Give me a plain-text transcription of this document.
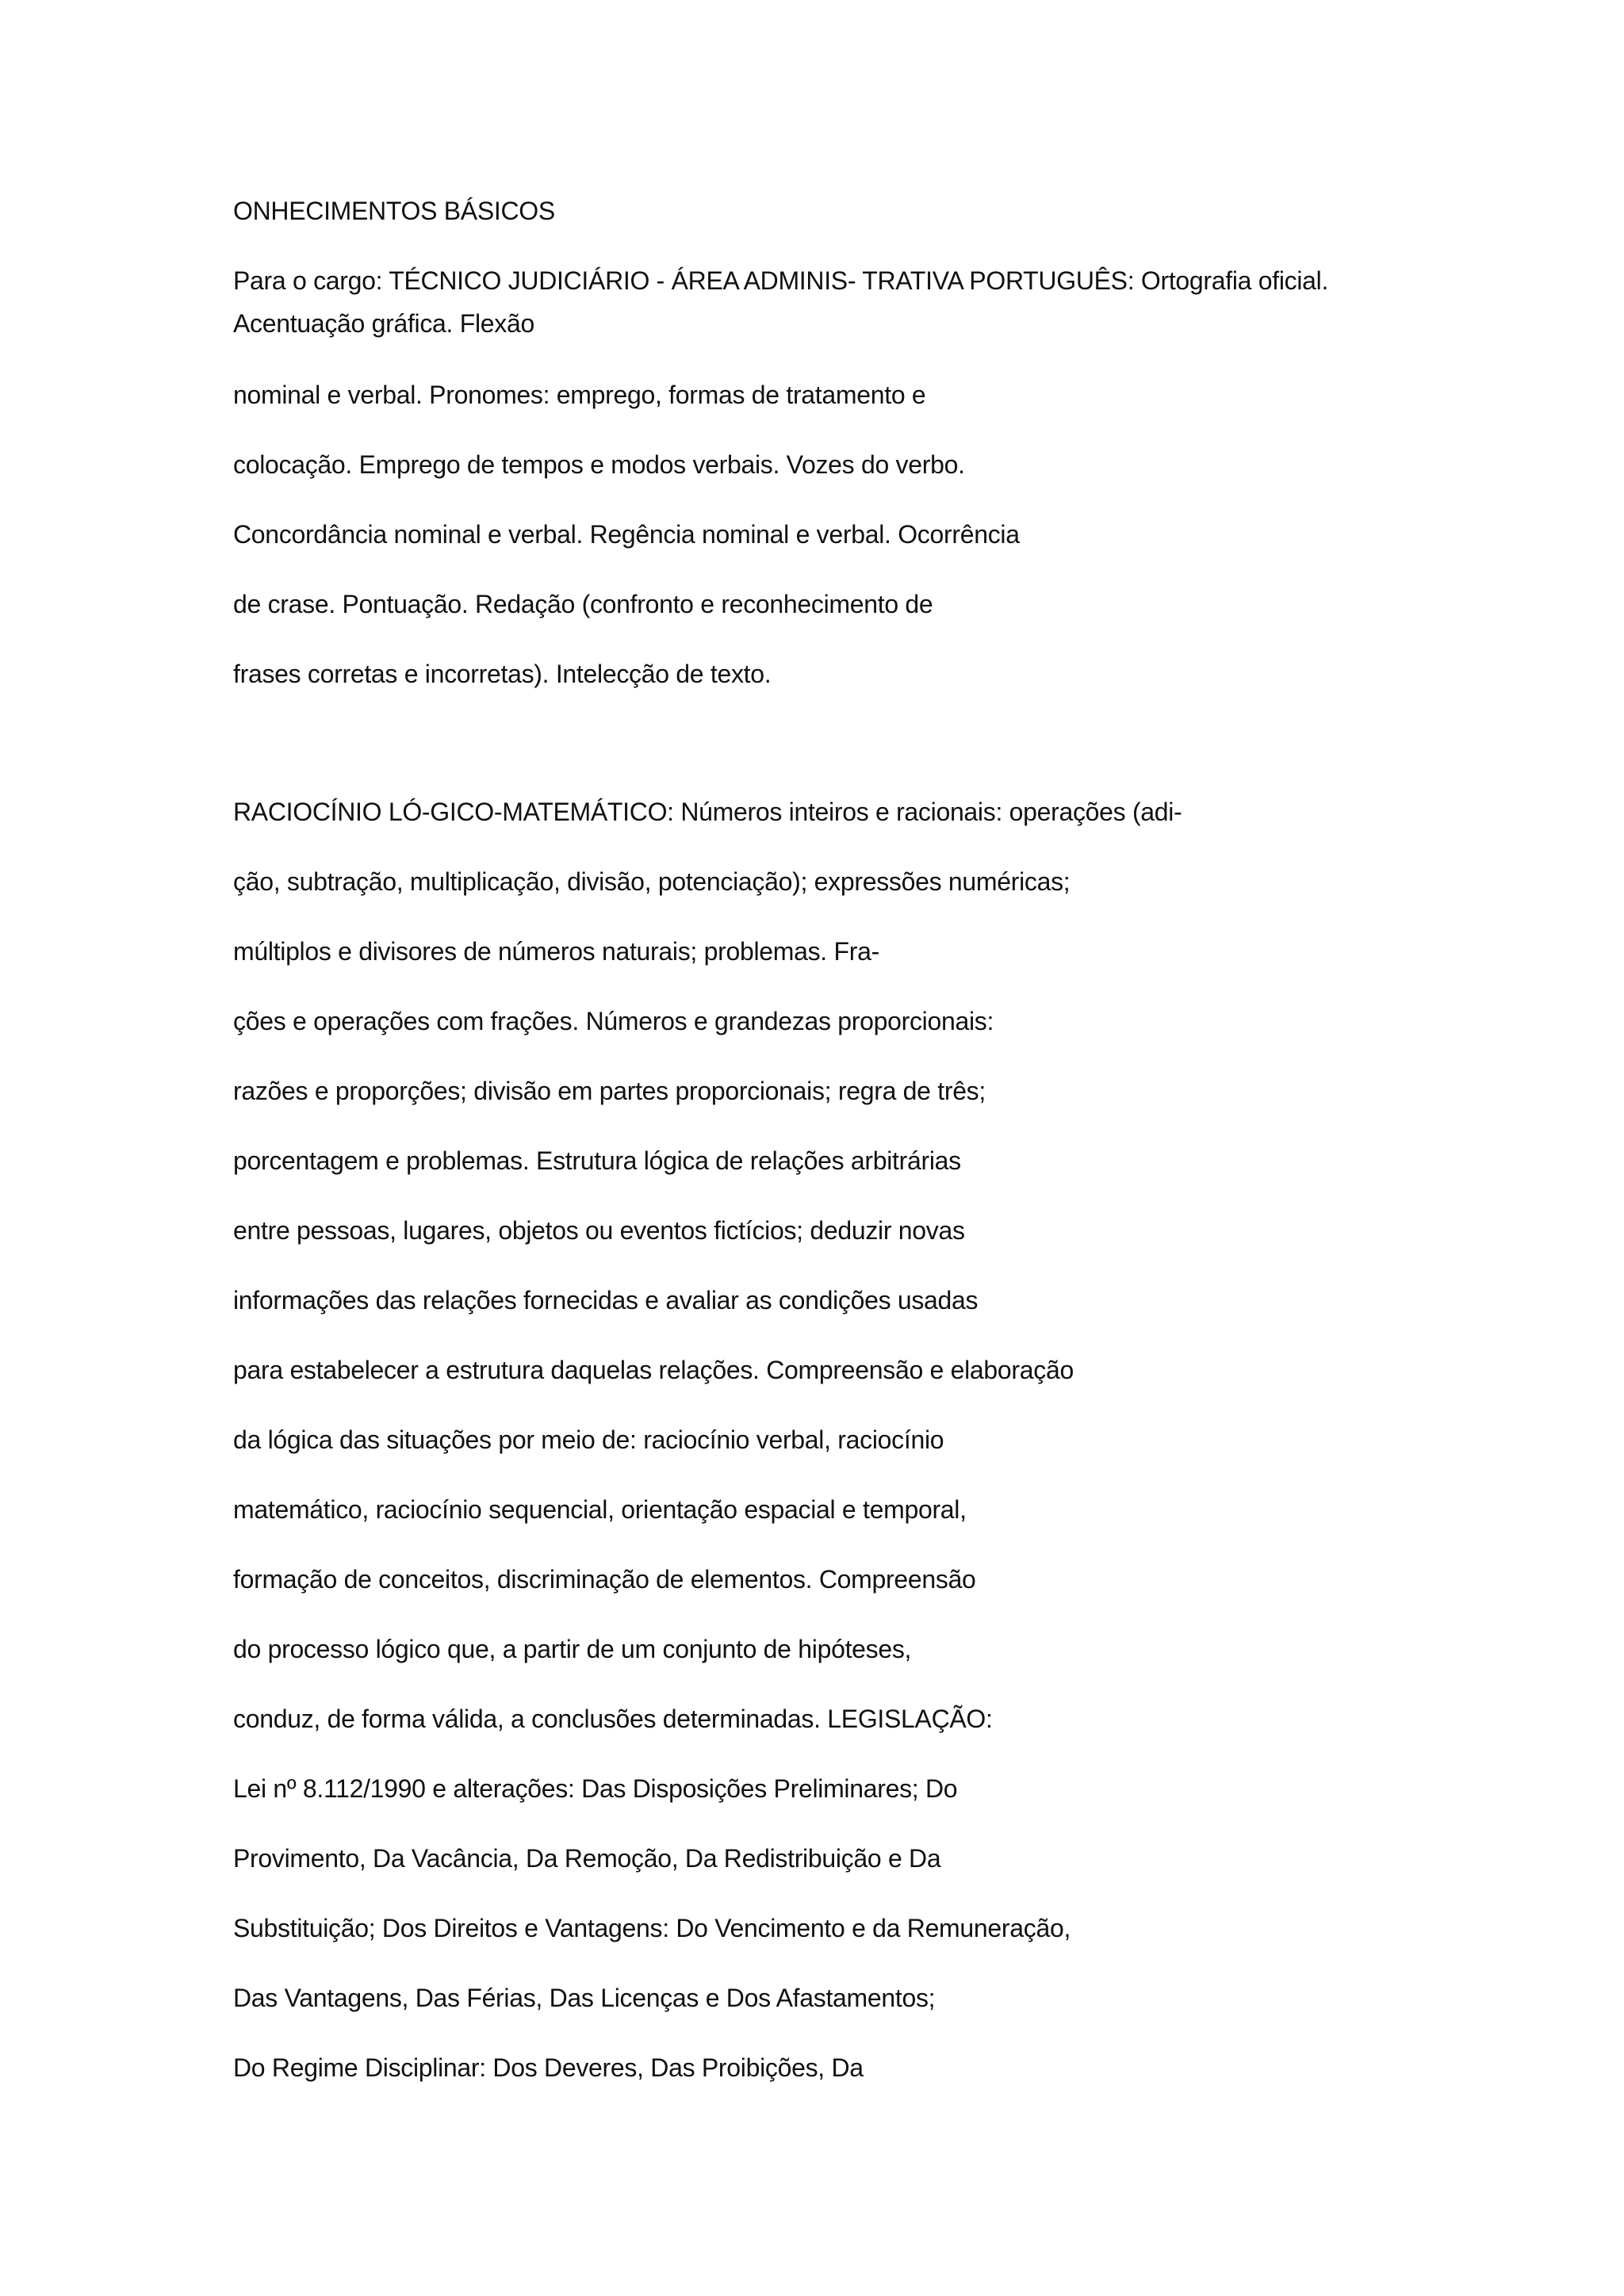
ONHECIMENTOS BÁSICOS
Para o cargo: TÉCNICO JUDICIÁRIO - ÁREA ADMINIS- TRATIVA PORTUGUÊS: Ortografia oficial.
Acentuação gráfica. Flexão
nominal e verbal. Pronomes: emprego, formas de tratamento e
colocação. Emprego de tempos e modos verbais. Vozes do verbo.
Concordância nominal e verbal. Regência nominal e verbal. Ocorrência
de crase. Pontuação. Redação (confronto e reconhecimento de
frases corretas e incorretas). Intelecção de texto.
RACIOCÍNIO LÓ-GICO-MATEMÁTICO: Números inteiros e racionais: operações (adi-
ção, subtração, multiplicação, divisão, potenciação); expressões numéricas;
múltiplos e divisores de números naturais; problemas. Fra-
ções e operações com frações. Números e grandezas proporcionais:
razões e proporções; divisão em partes proporcionais; regra de três;
porcentagem e problemas. Estrutura lógica de relações arbitrárias
entre pessoas, lugares, objetos ou eventos fictícios; deduzir novas
informações das relações fornecidas e avaliar as condições usadas
para estabelecer a estrutura daquelas relações. Compreensão e elaboração
da lógica das situações por meio de: raciocínio verbal, raciocínio
matemático, raciocínio sequencial, orientação espacial e temporal,
formação de conceitos, discriminação de elementos. Compreensão
do processo lógico que, a partir de um conjunto de hipóteses,
conduz, de forma válida, a conclusões determinadas. LEGISLAÇÃO:
Lei nº 8.112/1990 e alterações: Das Disposições Preliminares; Do
Provimento, Da Vacância, Da Remoção, Da Redistribuição e Da
Substituição; Dos Direitos e Vantagens: Do Vencimento e da Remuneração,
Das Vantagens, Das Férias, Das Licenças e Dos Afastamentos;
Do Regime Disciplinar: Dos Deveres, Das Proibições, Da
